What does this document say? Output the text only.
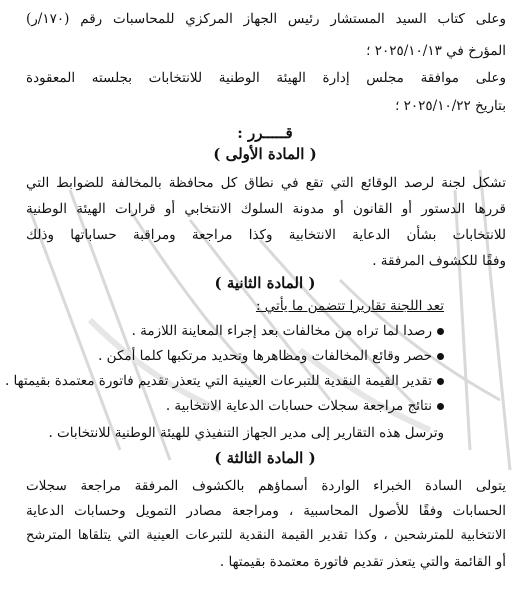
وعلى كتاب السيد المستشار رئيس الجهاز المركزي للمحاسبات رقم (١٧٠/ر)
المؤرخ في ٢٠٢٥/١٠/١٣ ؛
وعلى موافقة مجلس إدارة الهيئة الوطنية للانتخابات بجلسته المعقودة
بتاريخ ٢٠٢٥/١٠/٢٢ ؛
قـــــرر :
( المادة الأولى )
تشكل لجنة لرصد الوقائع التي تقع في نطاق كل محافظة بالمخالفة للضوابط التي
قررها الدستور أو القانون أو مدونة السلوك الانتخابي أو قرارات الهيئة الوطنية
للانتخابات بشأن الدعاية الانتخابية وكذا مراجعة ومراقبة حساباتها وذلك
وفقًا للكشوف المرفقة .
( المادة الثانية )
تعد اللجنة تقاريرا تتضمن ما يأتي :
رصدا لما تراه من مخالفات بعد إجراء المعاينة اللازمة .
حصر وقائع المخالفات ومظاهرها وتحديد مرتكبها كلما أمكن .
تقدير القيمة النقدية للتبرعات العينية التي يتعذر تقديم فاتورة معتمدة بقيمتها .
نتائج مراجعة سجلات حسابات الدعاية الانتخابية .
وترسل هذه التقارير إلى مدير الجهاز التنفيذي للهيئة الوطنية للانتخابات .
( المادة الثالثة )
يتولى السادة الخبراء الواردة أسماؤهم بالكشوف المرفقة مراجعة سجلات
الحسابات وفقًا للأصول المحاسبية ، ومراجعة مصادر التمويل وحسابات الدعاية
الانتخابية للمترشحين ، وكذا تقدير القيمة النقدية للتبرعات العينية التي يتلقاها المترشح
أو القائمة والتي يتعذر تقديم فاتورة معتمدة بقيمتها .
